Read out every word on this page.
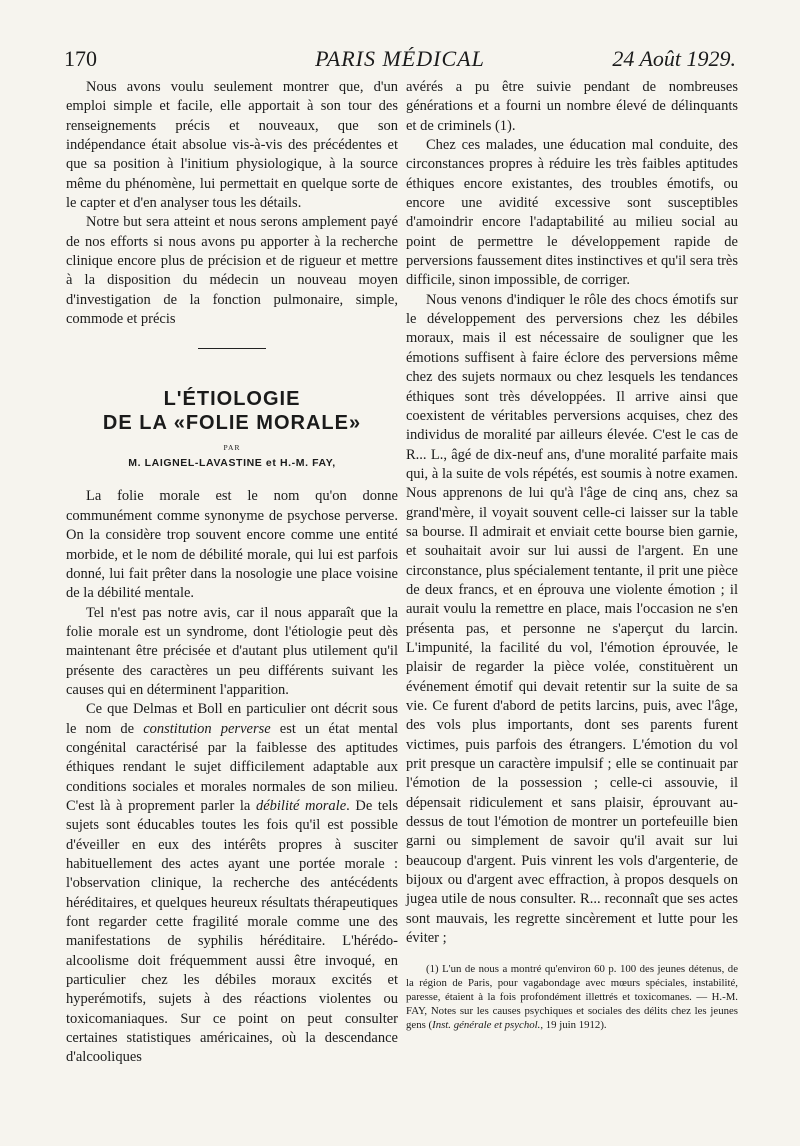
170	PARIS MÉDICAL	24 Août 1929.

Nous avons voulu seulement montrer que, d'un emploi simple et facile, elle apportait à son tour des renseignements précis et nouveaux, que son indépendance était absolue vis-à-vis des précédentes et que sa position à l'initium physiologique, à la source même du phénomène, lui permettait en quelque sorte de le capter et d'en analyser tous les détails.

Notre but sera atteint et nous serons amplement payé de nos efforts si nous avons pu apporter à la recherche clinique encore plus de précision et de rigueur et mettre à la disposition du médecin un nouveau moyen d'investigation de la fonction pulmonaire, simple, commode et précis

L'ÉTIOLOGIE
DE LA «FOLIE MORALE»
PAR
M. LAIGNEL-LAVASTINE et H.-M. FAY,

La folie morale est le nom qu'on donne communément comme synonyme de psychose perverse. On la considère trop souvent encore comme une entité morbide, et le nom de débilité morale, qui lui est parfois donné, lui fait prêter dans la nosologie une place voisine de la débilité mentale.

Tel n'est pas notre avis, car il nous apparaît que la folie morale est un syndrome, dont l'étiologie peut dès maintenant être précisée et d'autant plus utilement qu'il présente des caractères un peu différents suivant les causes qui en déterminent l'apparition.

Ce que Delmas et Boll en particulier ont décrit sous le nom de constitution perverse est un état mental congénital caractérisé par la faiblesse des aptitudes éthiques rendant le sujet difficilement adaptable aux conditions sociales et morales normales de son milieu. C'est là à proprement parler la débilité morale. De tels sujets sont éducables toutes les fois qu'il est possible d'éveiller en eux des intérêts propres à susciter habituellement des actes ayant une portée morale : l'observation clinique, la recherche des antécédents héréditaires, et quelques heureux résultats thérapeutiques font regarder cette fragilité morale comme une des manifestations de syphilis héréditaire. L'hérédo-alcoolisme doit fréquemment aussi être invoqué, en particulier chez les débiles moraux excités et hyperémotifs, sujets à des réactions violentes ou toxicomaniaques. Sur ce point on peut consulter certaines statistiques américaines, où la descendance d'alcooliques

avérés a pu être suivie pendant de nombreuses générations et a fourni un nombre élevé de délinquants et de criminels (1).

Chez ces malades, une éducation mal conduite, des circonstances propres à réduire les très faibles aptitudes éthiques encore existantes, des troubles émotifs, ou encore une avidité excessive sont susceptibles d'amoindrir encore l'adaptabilité au milieu social au point de permettre le développement rapide de perversions faussement dites instinctives et qu'il sera très difficile, sinon impossible, de corriger.

Nous venons d'indiquer le rôle des chocs émotifs sur le développement des perversions chez les débiles moraux, mais il est nécessaire de souligner que les émotions suffisent à faire éclore des perversions même chez des sujets normaux ou chez lesquels les tendances éthiques sont très développées. Il arrive ainsi que coexistent de véritables perversions acquises, chez des individus de moralité par ailleurs élevée. C'est le cas de R... L., âgé de dix-neuf ans, d'une moralité parfaite mais qui, à la suite de vols répétés, est soumis à notre examen. Nous apprenons de lui qu'à l'âge de cinq ans, chez sa grand'mère, il voyait souvent celle-ci laisser sur la table sa bourse. Il admirait et enviait cette bourse bien garnie, et souhaitait avoir sur lui aussi de l'argent. En une circonstance, plus spécialement tentante, il prit une pièce de deux francs, et en éprouva une violente émotion ; il aurait voulu la remettre en place, mais l'occasion ne s'en présenta pas, et personne ne s'aperçut du larcin. L'impunité, la facilité du vol, l'émotion éprouvée, le plaisir de regarder la pièce volée, constituèrent un événement émotif qui devait retentir sur la suite de sa vie. Ce furent d'abord de petits larcins, puis, avec l'âge, des vols plus importants, dont ses parents furent victimes, puis parfois des étrangers. L'émotion du vol prit presque un caractère impulsif ; elle se continuait par l'émotion de la possession ; celle-ci assouvie, il dépensait ridiculement et sans plaisir, éprouvant au-dessus de tout l'émotion de montrer un portefeuille bien garni ou simplement de savoir qu'il avait sur lui beaucoup d'argent. Puis vinrent les vols d'argenterie, de bijoux ou d'argent avec effraction, à propos desquels on jugea utile de nous consulter. R... reconnaît que ses actes sont mauvais, les regrette sincèrement et lutte pour les éviter ;

(1) L'un de nous a montré qu'environ 60 p. 100 des jeunes détenus, de la région de Paris, pour vagabondage avec mœurs spéciales, instabilité, paresse, étaient à la fois profondément illettrés et toxicomanes. — H.-M. FAY, Notes sur les causes psychiques et sociales des délits chez les jeunes gens (Inst. générale et psychol., 19 juin 1912).
